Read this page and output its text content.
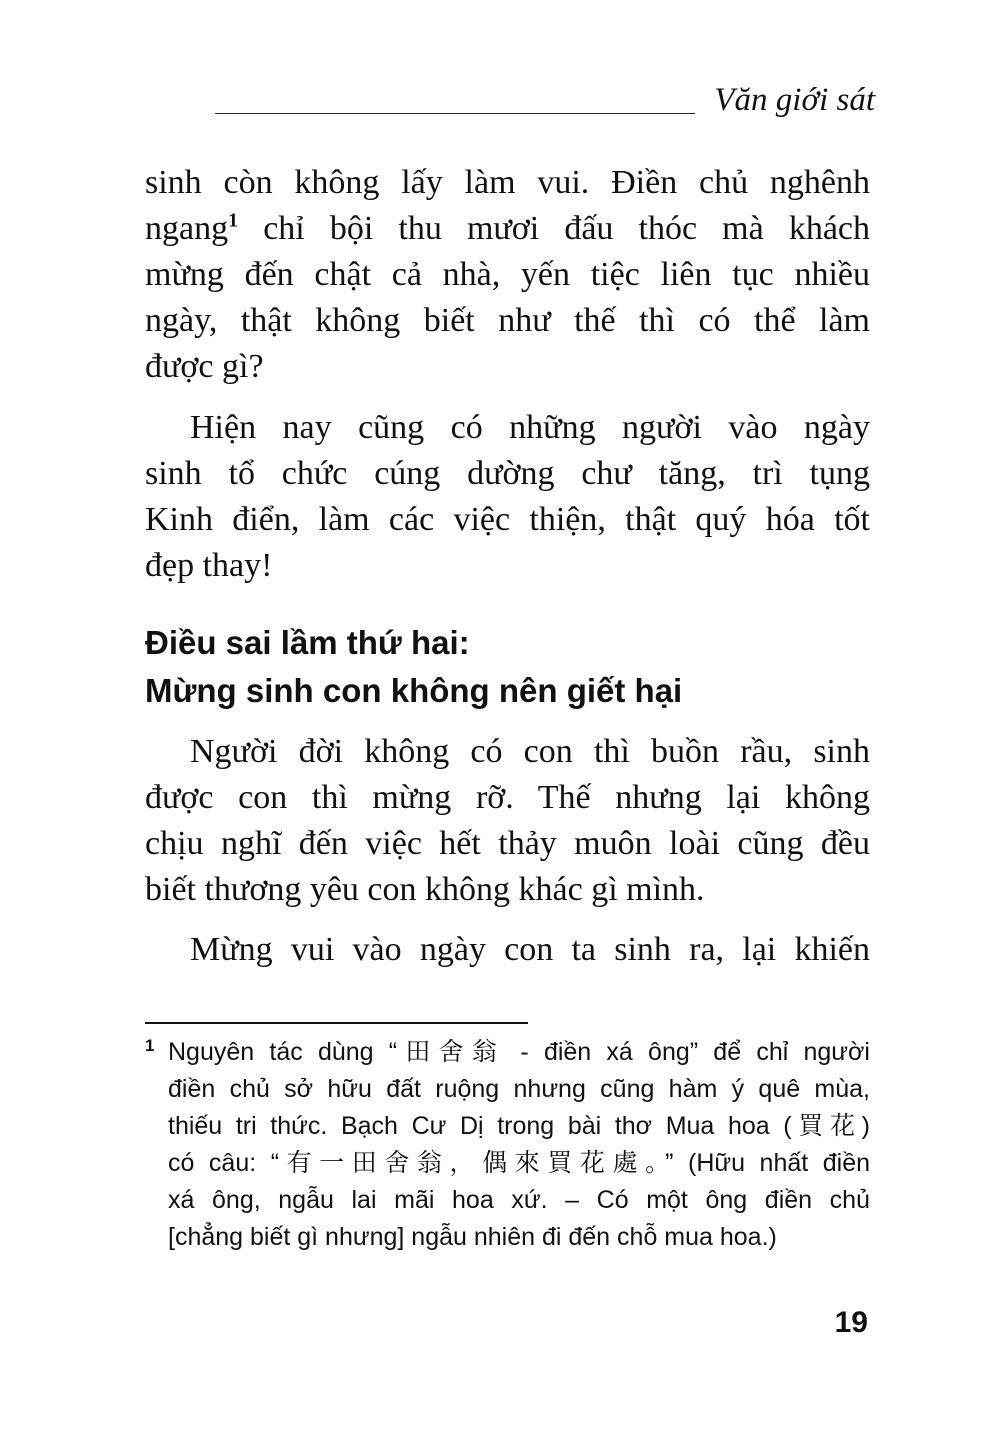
Văn giới sát
sinh còn không lấy làm vui. Điền chủ nghênh
ngang$^1$ chỉ bội thu mươi đấu thóc mà khách
mừng đến chật cả nhà, yến tiệc liên tục nhiều
ngày, thật không biết như thế thì có thể làm
được gì?
Hiện nay cũng có những người vào ngày
sinh tổ chức cúng dường chư tăng, trì tụng
Kinh điển, làm các việc thiện, thật quý hóa tốt
đẹp thay!
Điều sai lầm thứ hai:
Mừng sinh con không nên giết hại
Người đời không có con thì buồn rầu, sinh
được con thì mừng rỡ. Thế nhưng lại không
chịu nghĩ đến việc hết thảy muôn loài cũng đều
biết thương yêu con không khác gì mình.
Mừng vui vào ngày con ta sinh ra, lại khiến
1 Nguyên tác dùng “田舍翁 - điền xá ông” để chỉ người
điền chủ sở hữu đất ruộng nhưng cũng hàm ý quê mùa,
thiếu tri thức. Bạch Cư Dị trong bài thơ Mua hoa (買花)
có câu: “有一田舍翁，偶來買花處。” (Hữu nhất điền
xá ông, ngẫu lai mãi hoa xứ. – Có một ông điền chủ
[chẳng biết gì nhưng] ngẫu nhiên đi đến chỗ mua hoa.)
19
